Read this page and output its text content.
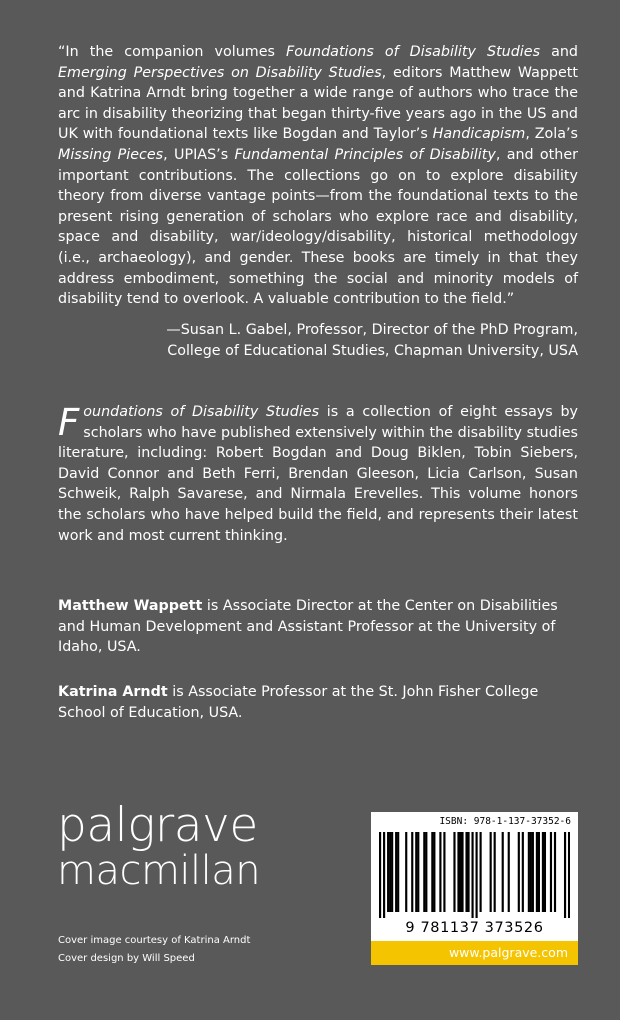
“In the companion volumes Foundations of Disability Studies and Emerging Perspectives on Disability Studies, editors Matthew Wappett and Katrina Arndt bring together a wide range of authors who trace the arc in disability theorizing that began thirty-five years ago in the US and UK with foundational texts like Bogdan and Taylor’s Handicapism, Zola’s Missing Pieces, UPIAS’s Fundamental Principles of Disability, and other important contributions. The collections go on to explore disability theory from diverse vantage points—from the foundational texts to the present rising generation of scholars who explore race and disability, space and disability, war/ideology/disability, historical methodology (i.e., archaeology), and gender. These books are timely in that they address embodiment, something the social and minority models of disability tend to overlook. A valuable contribution to the field.”

—Susan L. Gabel, Professor, Director of the PhD Program,
College of Educational Studies, Chapman University, USA

Foundations of Disability Studies is a collection of eight essays by scholars who have published extensively within the disability studies literature, including: Robert Bogdan and Doug Biklen, Tobin Siebers, David Connor and Beth Ferri, Brendan Gleeson, Licia Carlson, Susan Schweik, Ralph Savarese, and Nirmala Erevelles. This volume honors the scholars who have helped build the field, and represents their latest work and most current thinking.

Matthew Wappett is Associate Director at the Center on Disabilities and Human Development and Assistant Professor at the University of Idaho, USA.

Katrina Arndt is Associate Professor at the St. John Fisher College School of Education, USA.

palgrave
macmillan
Cover image courtesy of Katrina Arndt
Cover design by Will Speed
ISBN: 978-1-137-37352-6
9 781137 373526
www.palgrave.com
